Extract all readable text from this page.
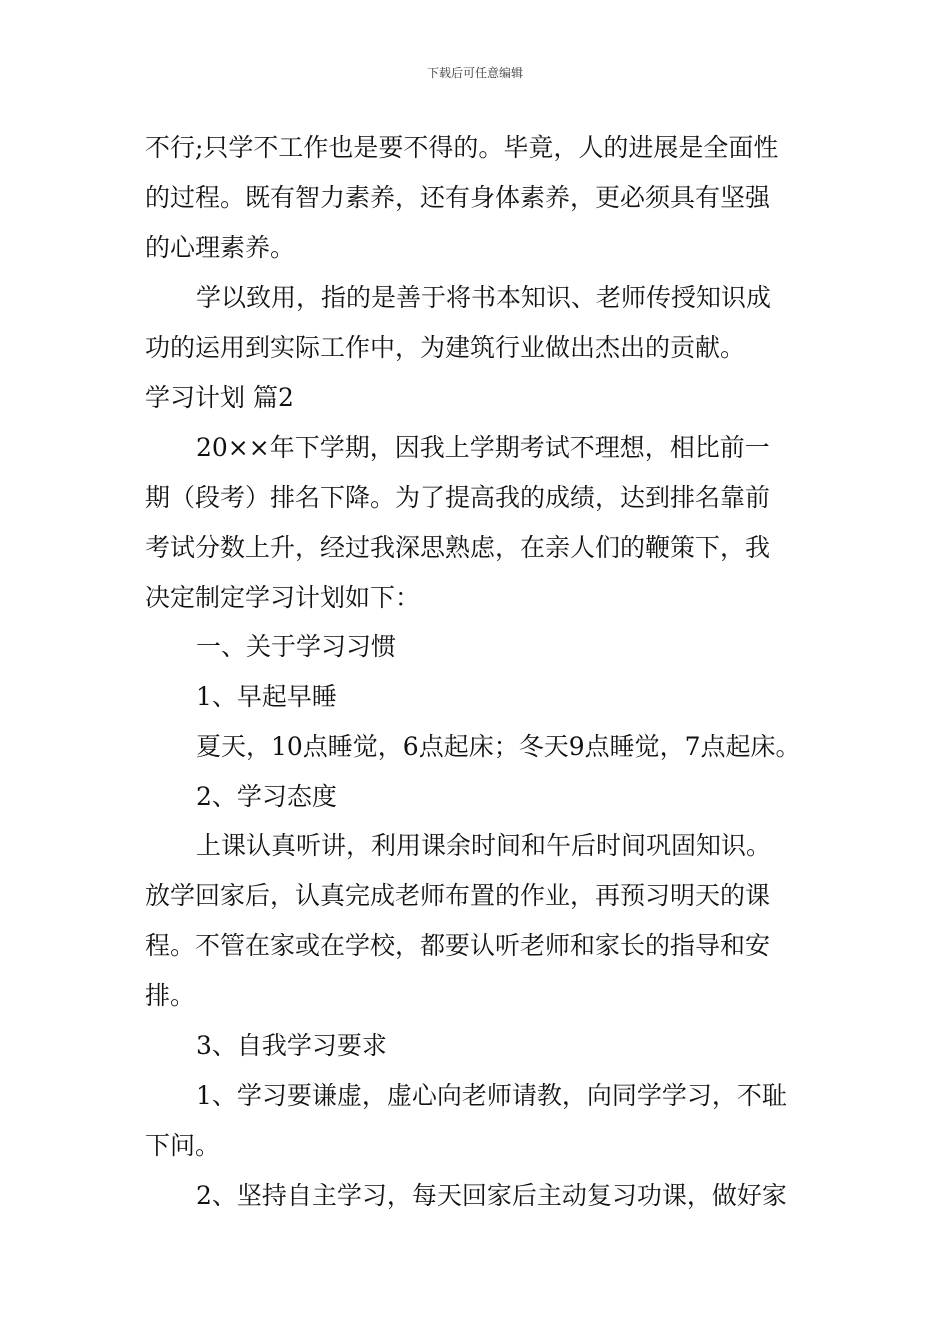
下载后可任意编辑
不行;只学不工作也是要不得的。毕竟，人的进展是全面性
的过程。既有智力素养，还有身体素养，更必须具有坚强
的心理素养。
学以致用，指的是善于将书本知识、老师传授知识成
功的运用到实际工作中，为建筑行业做出杰出的贡献。
学习计划 篇2
20××年下学期，因我上学期考试不理想，相比前一
期（段考）排名下降。为了提高我的成绩，达到排名靠前
考试分数上升，经过我深思熟虑，在亲人们的鞭策下，我
决定制定学习计划如下：
一、关于学习习惯
1、早起早睡
夏天，10点睡觉，6点起床；冬天9点睡觉，7点起床。
2、学习态度
上课认真听讲，利用课余时间和午后时间巩固知识。
放学回家后，认真完成老师布置的作业，再预习明天的课
程。不管在家或在学校，都要认听老师和家长的指导和安
排。
3、自我学习要求
1、学习要谦虚，虚心向老师请教，向同学学习，不耻
下问。
2、坚持自主学习，每天回家后主动复习功课，做好家
